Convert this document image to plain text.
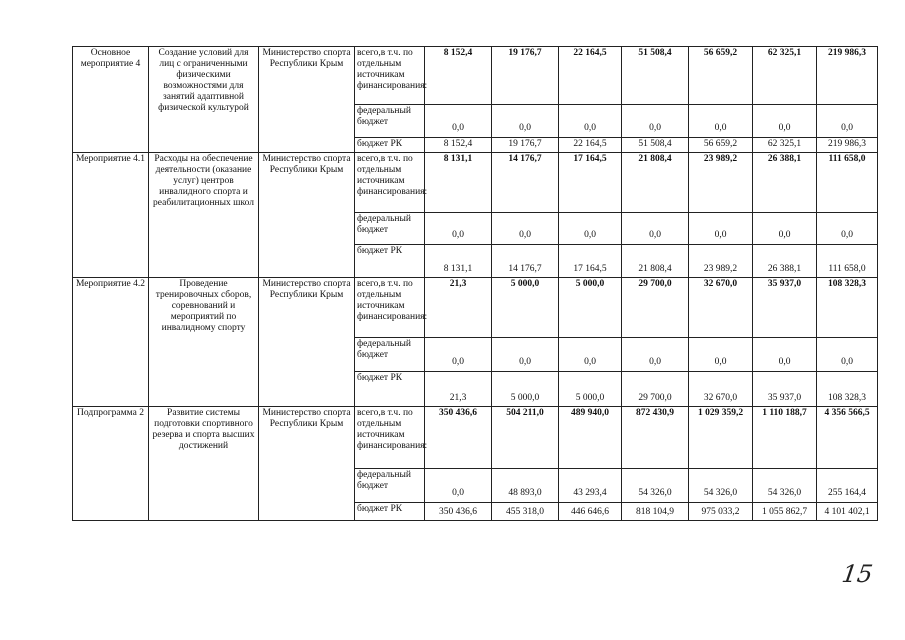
Основное мероприятие 4	Создание условий для лиц с ограниченными физическими возможностями для занятий адаптивной физической культурой	Министерство спорта Республики Крым	всего,в т.ч. по отдельным источникам финансирования:	8 152,4	19 176,7	22 164,5	51 508,4	56 659,2	62 325,1	219 986,3
			федеральный бюджет	0,0	0,0	0,0	0,0	0,0	0,0	0,0
			бюджет РК	8 152,4	19 176,7	22 164,5	51 508,4	56 659,2	62 325,1	219 986,3
Мероприятие 4.1	Расходы на обеспечение деятельности (оказание услуг) центров инвалидного спорта и реабилитационных школ	Министерство спорта Республики Крым	всего,в т.ч. по отдельным источникам финансирования:	8 131,1	14 176,7	17 164,5	21 808,4	23 989,2	26 388,1	111 658,0
			федеральный бюджет	0,0	0,0	0,0	0,0	0,0	0,0	0,0
			бюджет РК	8 131,1	14 176,7	17 164,5	21 808,4	23 989,2	26 388,1	111 658,0
Мероприятие 4.2	Проведение тренировочных сборов, соревнований и мероприятий по инвалидному спорту	Министерство спорта Республики Крым	всего,в т.ч. по отдельным источникам финансирования:	21,3	5 000,0	5 000,0	29 700,0	32 670,0	35 937,0	108 328,3
			федеральный бюджет	0,0	0,0	0,0	0,0	0,0	0,0	0,0
			бюджет РК	21,3	5 000,0	5 000,0	29 700,0	32 670,0	35 937,0	108 328,3
Подпрограмма 2	Развитие системы подготовки спортивного резерва и спорта высших достижений	Министерство спорта Республики Крым	всего,в т.ч. по отдельным источникам финансирования:	350 436,6	504 211,0	489 940,0	872 430,9	1 029 359,2	1 110 188,7	4 356 566,5
			федеральный бюджет	0,0	48 893,0	43 293,4	54 326,0	54 326,0	54 326,0	255 164,4
			бюджет РК	350 436,6	455 318,0	446 646,6	818 104,9	975 033,2	1 055 862,7	4 101 402,1
15
